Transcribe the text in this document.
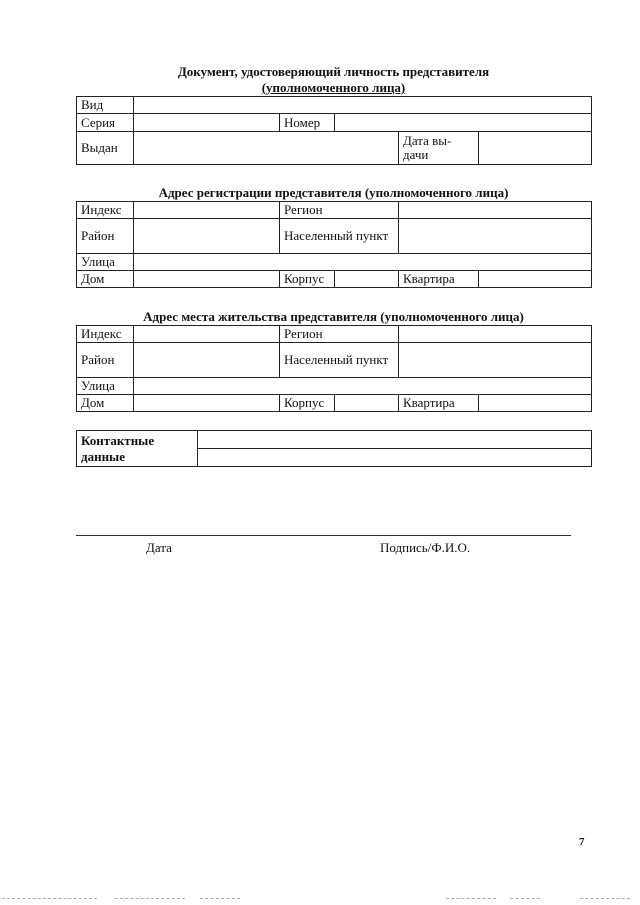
Документ, удостоверяющий личность представителя
(уполномоченного лица)
Вид					
Серия		Номер			
Выдан				Дата вы-
дачи	
Адрес регистрации представителя (уполномоченного лица)
Индекс		Регион			
Район		Населенный пункт			
Улица					
Дом		Корпус		Квартира	
Адрес места жительства представителя (уполномоченного лица)
Индекс		Регион			
Район		Населенный пункт			
Улица					
Дом		Корпус		Квартира	
Контактные данные	

Дата	Подпись/Ф.И.О.
7
